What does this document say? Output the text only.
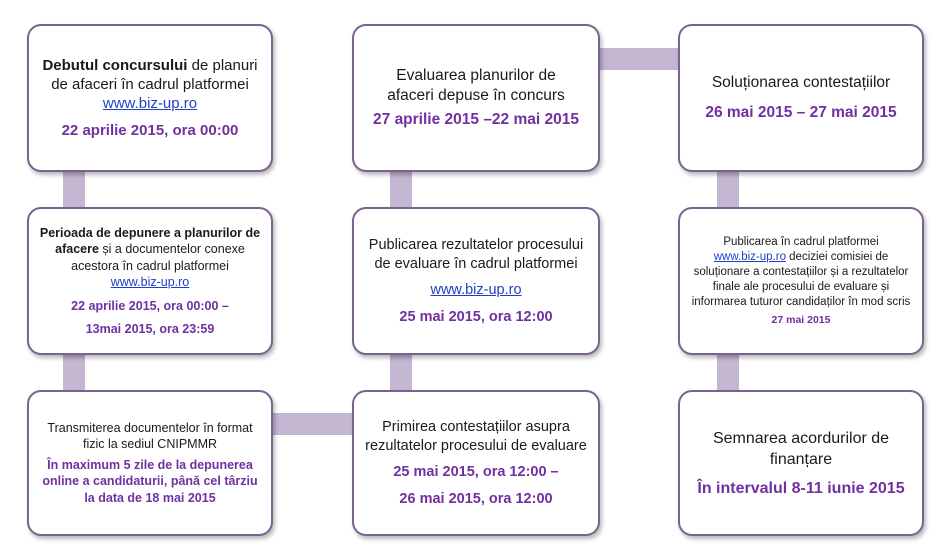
Debutul concursului de planuri de afaceri în cadrul platformei
www.biz-up.ro
22 aprilie 2015, ora 00:00
Perioada de depunere a planurilor de afacere și a documentelor conexe acestora în cadrul platformei
www.biz-up.ro
22 aprilie 2015, ora 00:00 –
13mai 2015, ora 23:59
Transmiterea documentelor în format fizic la sediul CNIPMMR
În maximum 5 zile de la depunerea online a candidaturii, până cel târziu la data de 18 mai 2015
Evaluarea planurilor de afaceri depuse în concurs
27 aprilie 2015 –22 mai 2015
Publicarea rezultatelor procesului de evaluare în cadrul platformei
www.biz-up.ro
25 mai 2015, ora 12:00
Primirea contestațiilor asupra rezultatelor procesului de evaluare
25 mai 2015, ora 12:00 –
26 mai 2015, ora 12:00
Soluționarea contestațiilor
26 mai 2015 – 27 mai 2015
Publicarea în cadrul platformei
www.biz-up.ro deciziei comisiei de soluționare a contestațiilor și a rezultatelor finale ale procesului de evaluare și informarea tuturor candidaților în mod scris
27 mai 2015
Semnarea acordurilor de finanțare
În intervalul 8-11 iunie 2015
